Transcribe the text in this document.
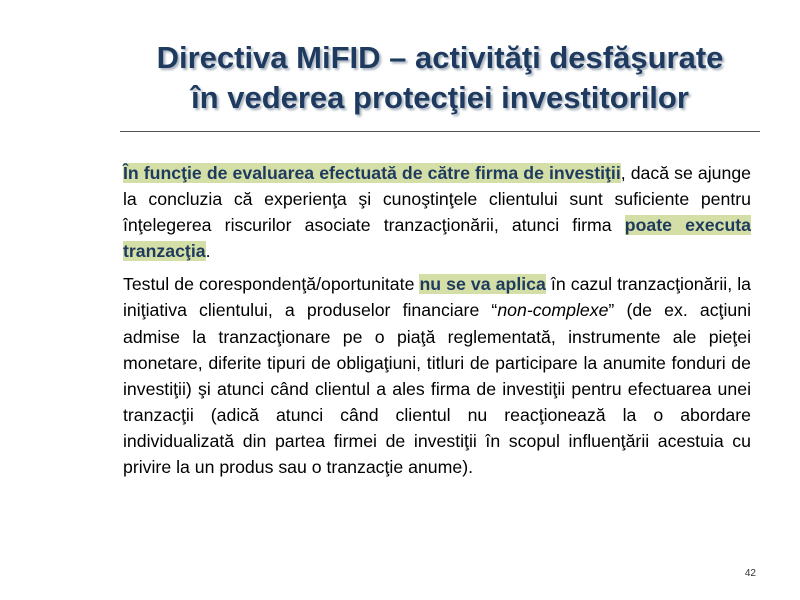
Directiva MiFID – activităţi desfăşurate
în vederea protecţiei investitorilor

În funcţie de evaluarea efectuată de către firma de investiţii, dacă se ajunge la concluzia că experienţa şi cunoştinţele clientului sunt suficiente pentru înţelegerea riscurilor asociate tranzacţionării, atunci firma poate executa tranzacţia.

Testul de corespondenţă/oportunitate nu se va aplica în cazul tranzacţionării, la iniţiativa clientului, a produselor financiare “non-complexe” (de ex. acţiuni admise la tranzacţionare pe o piaţă reglementată, instrumente ale pieţei monetare, diferite tipuri de obligaţiuni, titluri de participare la anumite fonduri de investiţii) şi atunci când clientul a ales firma de investiţii pentru efectuarea unei tranzacţii (adică atunci când clientul nu reacţionează la o abordare individualizată din partea firmei de investiţii în scopul influenţării acestuia cu privire la un produs sau o tranzacţie anume).

42
